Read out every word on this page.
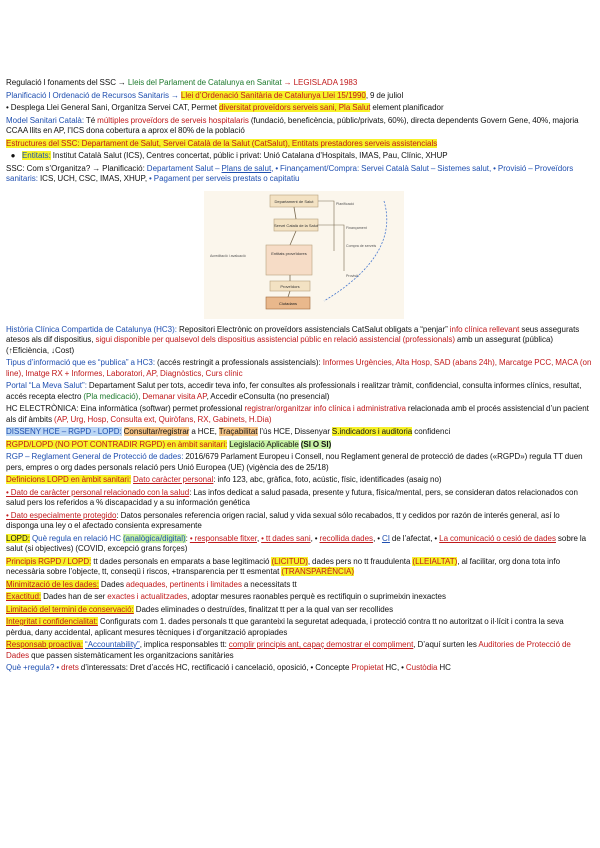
Regulació I fonaments del SSC → Lleis del Parlament de Catalunya en Sanitat → LEGISLADA 1983
Planificació I Ordenació de Recursos Sanitaris → Llei d’Ordenació Sanitària de Catalunya Llei 15/1990, 9 de juliol
• Desplega Llei General Sani, Organitza Servei CAT, Permet diversitat proveïdors serveis sani, Pla Salut element planificador
Model Sanitari Català: Té múltiples proveïdors de serveis hospitalaris (fundació, beneficència, públic/privats, 60%), directa dependents Govern Gene, 40%, majoria CCAA llits en AP, l’ICS dona cobertura a aprox el 80% de la població
Estructures del SSC: Departament de Salut, Servei Català de la Salut (CatSalut), Entitats prestadores serveis assistencials
● Entitats: Institut Català Salut (ICS), Centres concertat, públic i privat: Unió Catalana d’Hospitals, IMAS, Pau, Clínic, XHUP
SSC: Com s’Organitza? → Planificació: Departament Salut – Plans de salut, • Finançament/Compra: Servei Català Salut – Sistemes salut, • Provisió – Proveïdors sanitaris: ICS, UCH, CSC, IMAS, XHUP, • Pagament per serveis prestats o capitatiu
Departament de Salut
Servei Català de la Salut
Entitats proveïdores
Proveïdors
Ciutadans
Planificació
Finançament
Compra de serveis
Provisió
Acreditació i avaluació
Història Clínica Compartida de Catalunya (HC3): Repositori Electrònic on proveïdors assistencials CatSalut obligats a “penjar” info clínica rellevant seus assegurats atesos als dif dispositius, sigui disponible per qualsevol dels dispositius assistencial públic en relació assistencial (professionals) amb un assegurat (pública) (↑Eficiència, ↓Cost)
Tipus d’informació que es “publica” a HC3: (accés restringit a professionals assistencials): Informes Urgències, Alta Hosp, SAD (abans 24h), Marcatge PCC, MACA (on line), Imatge RX + Informes, Laboratori, AP, Diagnòstics, Curs clínic
Portal “La Meva Salut”: Departament Salut per tots, accedir teva info, fer consultes als professionals i realitzar tràmit, confidencial, consulta informes clínics, resultat, accés recepta electro (Pla medicació), Demanar visita AP, Accedir eConsulta (no presencial)
HC ELECTRÒNICA: Eina informàtica (softwar) permet professional registrar/organitzar info clínica i administrativa relacionada amb el procés assistencial d’un pacient als dif àmbits (AP, Urg, Hosp, Consulta ext, Quiròfans, RX, Gabinets, H.Dia)
DISSENY HCE – RGPD - LOPD: Consultar/registrar a HCE, Traçabilitat l’ús HCE, Dissenyar S.indicadors i auditoria confidenci
RGPD/LOPD (NO POT CONTRADIR RGPD) en àmbit sanitari: Legislació Aplicable (SI O SI)
RGP – Reglament General de Protecció de dades: 2016/679 Parlament Europeu i Consell, nou Reglament general de protecció de dades («RGPD») regula TT duen pers, empres o org dades personals relació pers Unió Europea (UE) (vigència des de 25/18)
Definicions LOPD en àmbit sanitari: Dato caràcter personal: info 123, abc, gràfica, foto, acústic, físic, identificades (asaig no)
• Dato de caràcter personal relacionado con la salud: Las infos dedicat a salud pasada, presente y futura, física/mental, pers, se consideran datos relacionados con salud pers los referidos a % discapacidad y a su información genética
• Dato especialmente protegido: Datos personales referencia origen racial, salud y vida sexual sólo recabados, tt y cedidos por razón de interés general, así lo disponga una ley o el afectado consienta expresamente
LOPD: Què regula en relació HC (analògica/digital): • responsable fitxer, • tt dades sani, • recollida dades, • CI de l’afectat, • La comunicació o cesió de dades sobre la salut (si objectives) (COVID, excepció grans forçes)
Principis RGPD / LOPD: tt dades personals en emparats a base legitimació (LICITUD), dades pers no tt fraudulenta (LLEIALTAT), al facilitar, org dona tota info necessària sobre l’objecte, tt, conseqü i riscos, +transparencia per tt esmentat (TRANSPARÈNCIA)
Minimització de les dades: Dades adequades, pertinents i limitades a necessitats tt
Exactitud: Dades han de ser exactes i actualitzades, adoptar mesures raonables perquè es rectifiquin o suprimeixin inexactes
Limitació del termini de conservació: Dades eliminades o destruïdes, finalitzat tt per a la qual van ser recollides
Integritat i confidencialitat: Configurats com 1. dades personals tt que garanteixi la seguretat adequada, i protecció contra tt no autoritzat o il·lícit i contra la seva pèrdua, dany accidental, aplicant mesures tècniques i d’organització apropiades
Responsab proactiva: “Accountability”, implica responsables tt: complir principis ant, capaç demostrar el compliment, D’aquí surten les Auditories de Protecció de Dades que passen sistemàticament les organitzacions sanitàries
Què +regula? • drets d’interessats: Dret d’accés HC, rectificació i cancelació, oposició, • Concepte Propietat HC, • Custòdia HC
